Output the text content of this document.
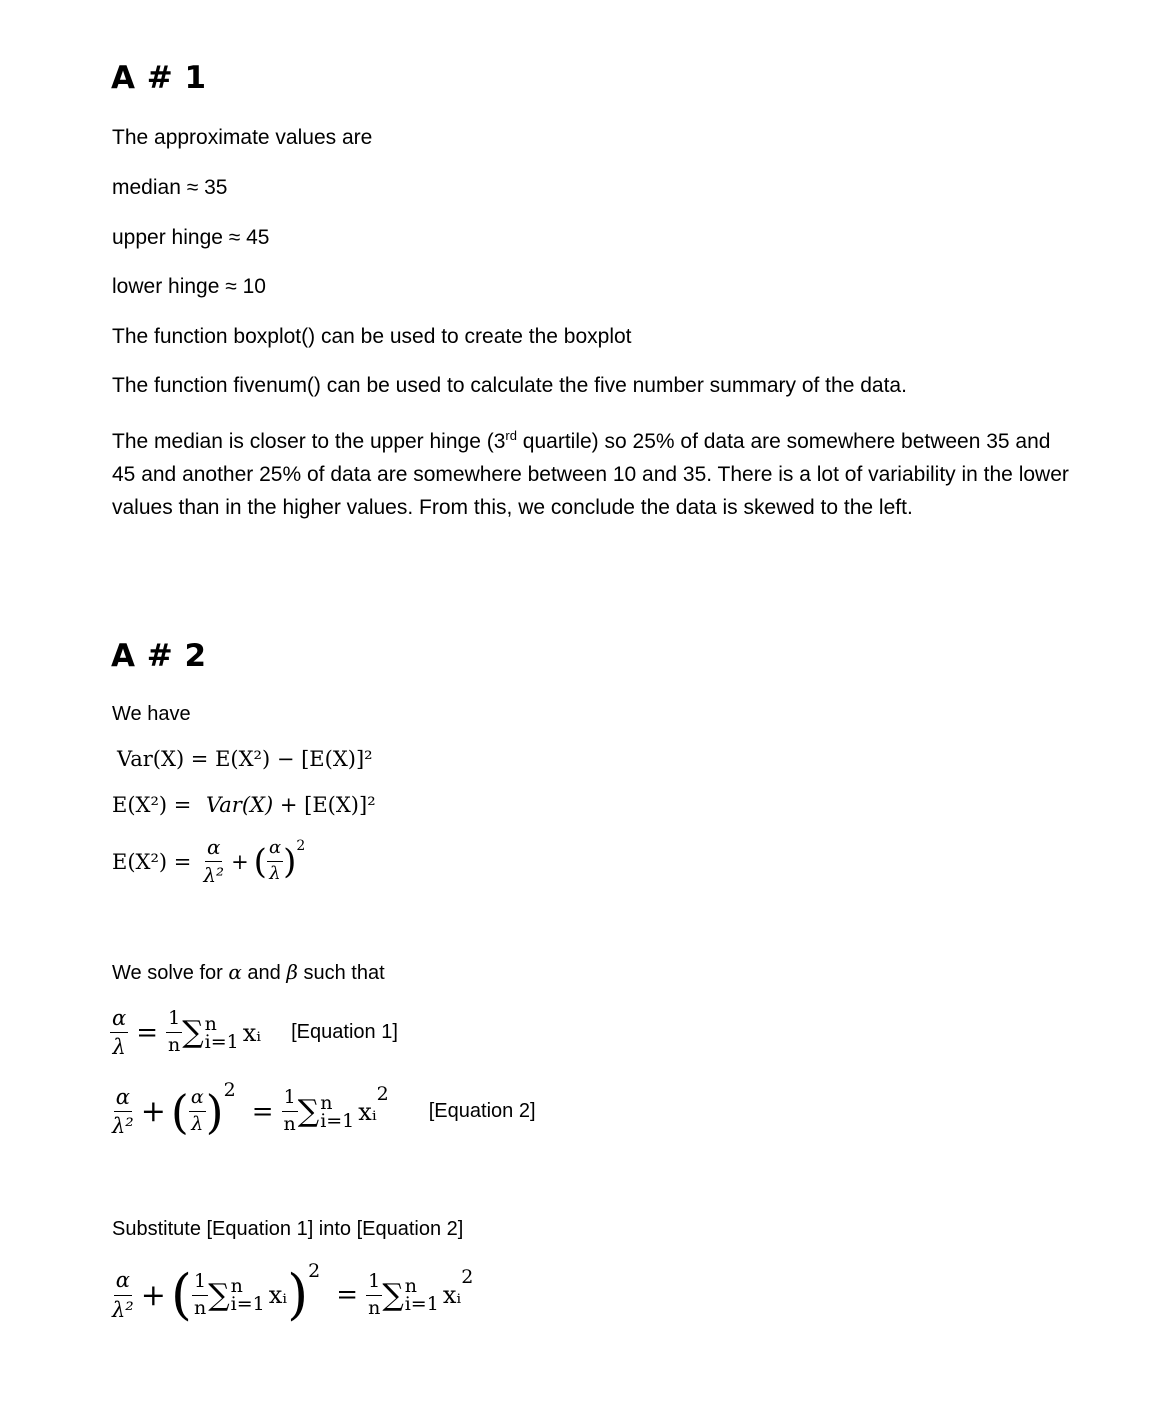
A # 1
The approximate values are
median ≈ 35
upper hinge ≈ 45
lower hinge ≈ 10
The function boxplot() can be used to create the boxplot
The function fivenum() can be used to calculate the five number summary of the data.
The median is closer to the upper hinge (3rd quartile) so 25% of data are somewhere between 35 and 45 and another 25% of data are somewhere between 10 and 35. There is a lot of variability in the lower values than in the higher values. From this, we conclude the data is skewed to the left.
A # 2
We have
Var(X) = E(X²) − [E(X)]²
E(X²) = Var(X) + [E(X)]²
$E(X^2) = \frac{\alpha}{\text{λ²}}$ + ( $\frac{\alpha}{\lambda} )^2$
We solve for α and β such that
$\frac{\alpha}{\lambda} = \frac{1}{n}$ ∑ n
i=1 xᵢ [Equation 1]
$\frac{\alpha}{\text{λ²}}$ + ( $\frac{\alpha}{\lambda}$ ) 2
= $\frac{1}{n}$ ∑ n
i=1 xᵢ
2
[Equation 2]
Substitute [Equation 1] into [Equation 2]
$\frac{\alpha}{\text{λ²}}$ + ( $\frac{1}{n}$ ∑ n
i=1 xᵢ ) 2
= $\frac{1}{n}$ ∑ n
i=1 xᵢ
2
